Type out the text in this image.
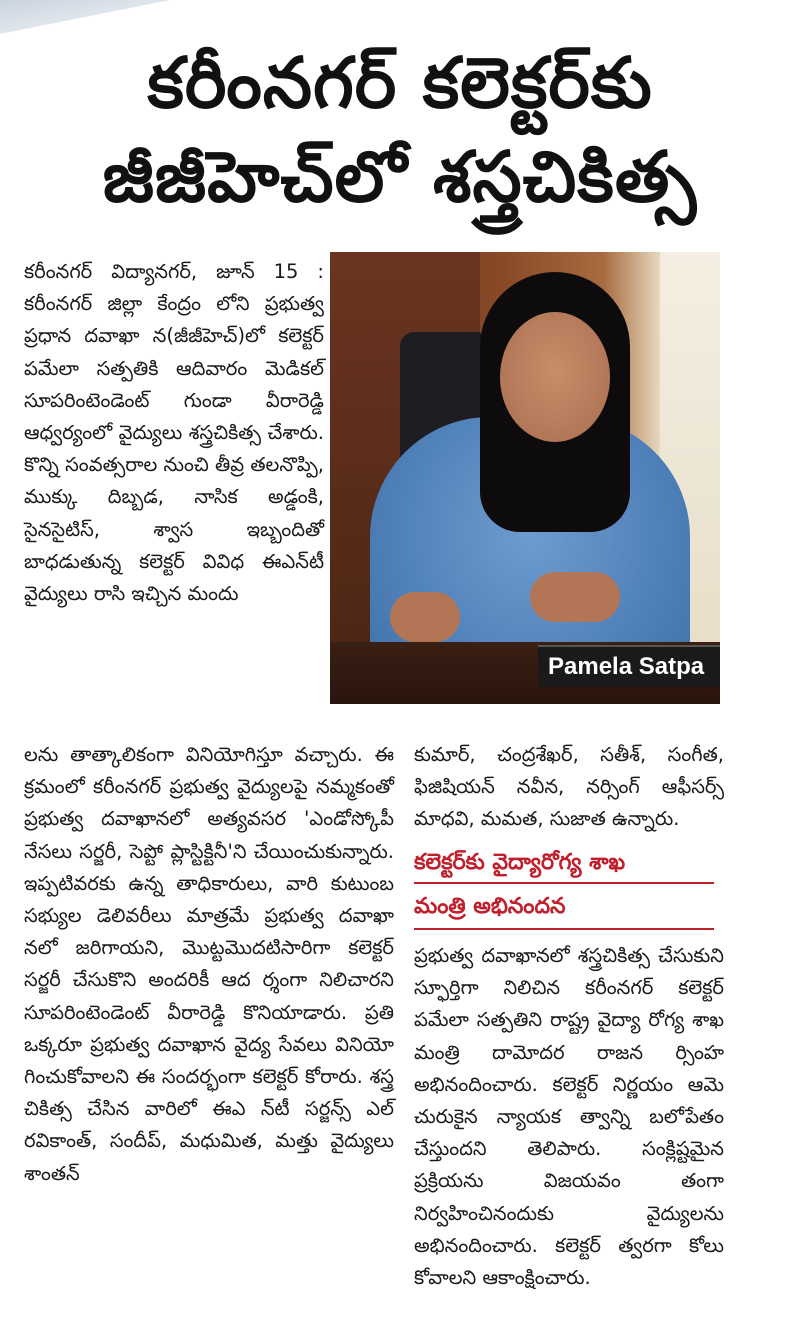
కరీంనగర్ కలెక్టర్‌కు
జీజీహెచ్‌లో శస్త్రచికిత్స

కరీంనగర్ విద్యానగర్, జూన్ 15 : కరీంనగర్ జిల్లా కేంద్రం లోని ప్రభుత్వ ప్రధాన దవాఖా న(జీజీహెచ్)లో కలెక్టర్ పమేలా సత్పతికి ఆదివారం మెడికల్ సూపరింటెండెంట్ గుండా వీరారెడ్డి ఆధ్వర్యంలో వైద్యులు శస్త్రచికిత్స చేశారు. కొన్ని సంవత్సరాల నుంచి తీవ్ర తలనొప్పి, ముక్కు దిబ్బడ, నాసిక అడ్డంకి, సైనసైటిస్, శ్వాస ఇబ్బందితో బాధడుతున్న కలెక్టర్ వివిధ ఈఎన్‌టీ వైద్యులు రాసి ఇచ్చిన మందు

Pamela Satpa

లను తాత్కాలికంగా వినియోగిస్తూ వచ్చారు. ఈ క్రమంలో కరీంనగర్ ప్రభుత్వ వైద్యులపై నమ్మకంతో ప్రభుత్వ దవాఖానలో అత్యవసర 'ఎండోస్కోపీ నేసలు సర్జరీ, సెప్టో ప్లాస్టిక్టినీ'ని చేయించుకున్నారు. ఇప్పటివరకు ఉన్న తాధికారులు, వారి కుటుంబ సభ్యుల డెలివరీలు మాత్రమే ప్రభుత్వ దవాఖా నలో జరిగాయని, మొట్టమొదటిసారిగా కలెక్టర్ సర్జరీ చేసుకొని అందరికీ ఆద ర్శంగా నిలిచారని సూపరింటెండెంట్ వీరారెడ్డి కొనియాడారు. ప్రతి ఒక్కరూ ప్రభుత్వ దవాఖాన వైద్య సేవలు వినియో గించుకోవాలని ఈ సందర్భంగా కలెక్టర్ కోరారు. శస్త్ర చికిత్స చేసిన వారిలో ఈఎ న్‌టీ సర్జన్స్ ఎల్ రవికాంత్, సందీప్, మధుమిత, మత్తు వైద్యులు శాంతన్

కుమార్, చంద్రశేఖర్, సతీశ్, సంగీత, ఫిజిషియన్ నవీన, నర్సింగ్ ఆఫీసర్స్ మాధవి, మమత, సుజాత ఉన్నారు.

కలెక్టర్‌కు వైద్యారోగ్య శాఖ
మంత్రి అభినందన

ప్రభుత్వ దవాఖానలో శస్త్రచికిత్స చేసుకుని స్ఫూర్తిగా నిలిచిన కరీంనగర్ కలెక్టర్ పమేలా సత్పతిని రాష్ట్ర వైద్యా రోగ్య శాఖ మంత్రి దామోదర రాజన ర్సింహ అభినందించారు. కలెక్టర్ నిర్ణయం ఆమె చురుకైన న్యాయక త్వాన్ని బలోపేతం చేస్తుందని తెలిపారు. సంక్లిష్టమైన ప్రక్రియను విజయవం తంగా నిర్వహించినందుకు వైద్యులను అభినందించారు. కలెక్టర్ త్వరగా కోలు కోవాలని ఆకాంక్షించారు.
